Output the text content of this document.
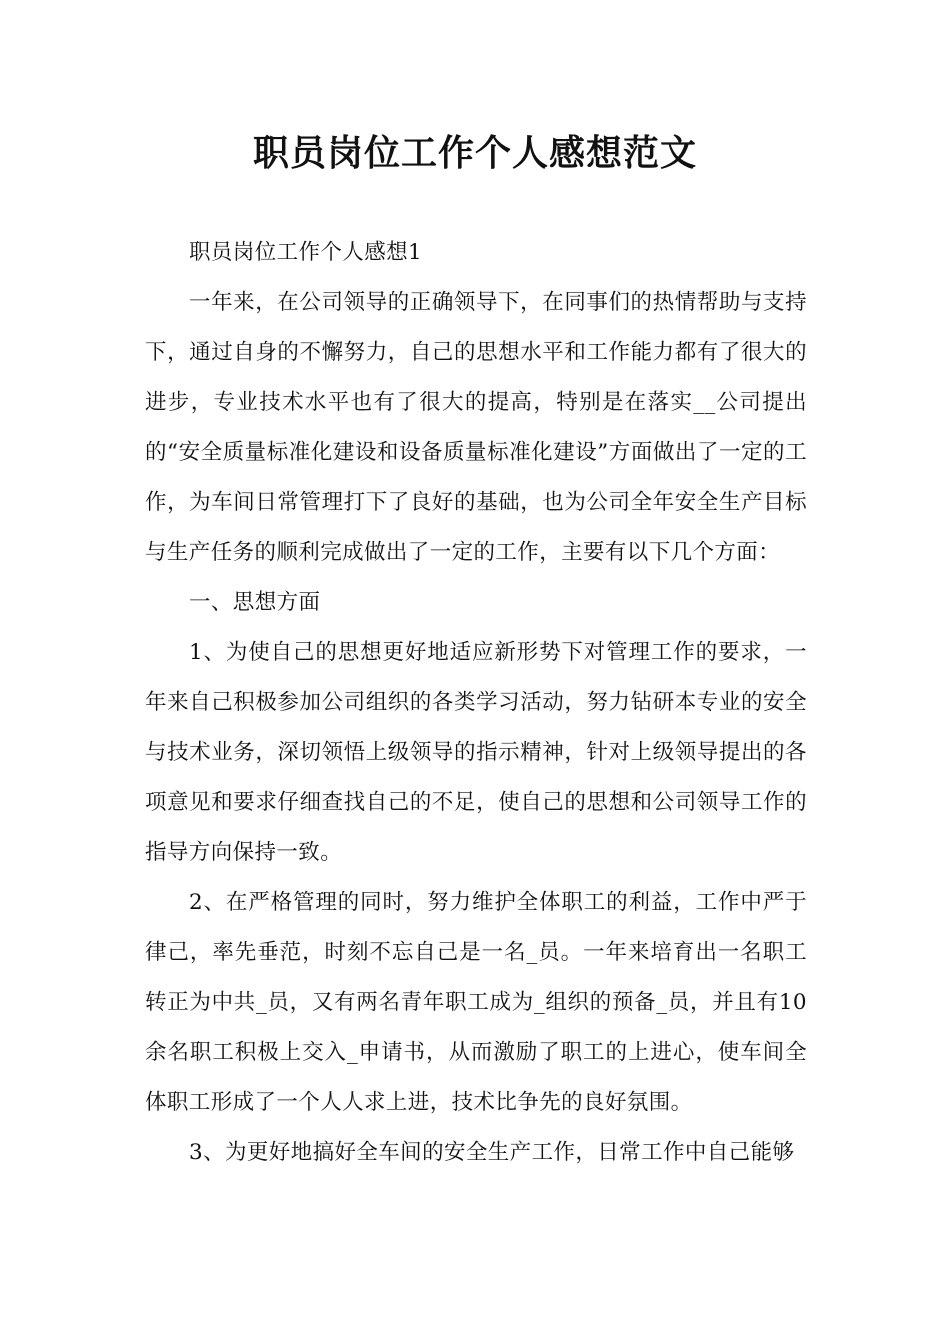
职员岗位工作个人感想范文

职员岗位工作个人感想1

一年来，在公司领导的正确领导下，在同事们的热情帮助与支持下，通过自身的不懈努力，自己的思想水平和工作能力都有了很大的进步，专业技术水平也有了很大的提高，特别是在落实__公司提出的“安全质量标准化建设和设备质量标准化建设”方面做出了一定的工作，为车间日常管理打下了良好的基础，也为公司全年安全生产目标与生产任务的顺利完成做出了一定的工作，主要有以下几个方面：

一、思想方面

1、为使自己的思想更好地适应新形势下对管理工作的要求，一年来自己积极参加公司组织的各类学习活动，努力钻研本专业的安全与技术业务，深切领悟上级领导的指示精神，针对上级领导提出的各项意见和要求仔细查找自己的不足，使自己的思想和公司领导工作的指导方向保持一致。

2、在严格管理的同时，努力维护全体职工的利益，工作中严于律己，率先垂范，时刻不忘自己是一名_员。一年来培育出一名职工转正为中共_员，又有两名青年职工成为_组织的预备_员，并且有10余名职工积极上交入_申请书，从而激励了职工的上进心，使车间全体职工形成了一个人人求上进，技术比争先的良好氛围。

3、为更好地搞好全车间的安全生产工作，日常工作中自己能够
